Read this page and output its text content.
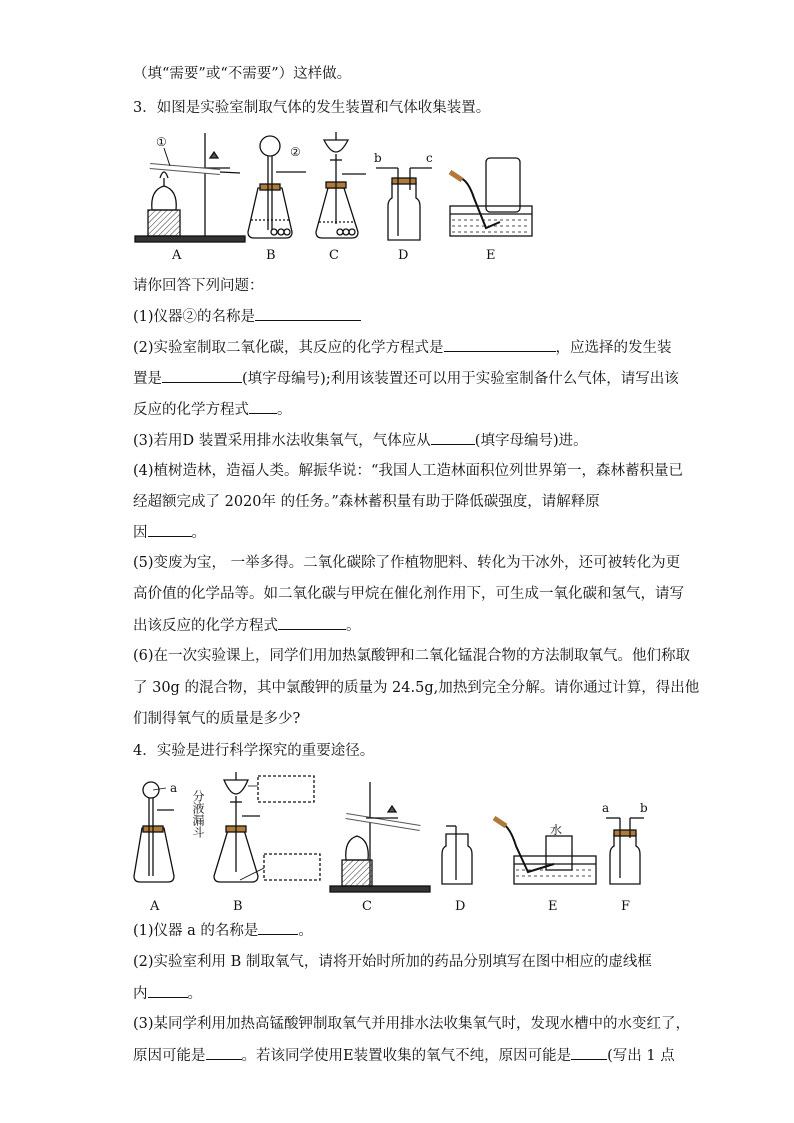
（填“需要”或“不需要”）这样做。
3．如图是实验室制取气体的发生装置和气体收集装置。
①
②	b	c
A	B	C	D	E
请你回答下列问题：
(1)仪器②的名称是
(2)实验室制取二氧化碳，其反应的化学方程式是	，应选择的发生装
置是	(填字母编号);利用该装置还可以用于实验室制备什么气体，请写出该
反应的化学方程式 。
(3)若用D 装置采用排水法收集氧气，气体应从	(填字母编号)进。
(4)植树造林，造福人类。解振华说：“我国人工造林面积位列世界第一，森林蓄积量已
经超额完成了 2020年 的任务。”森林蓄积量有助于降低碳强度，请解释原
因	。
(5)变废为宝， 一举多得。二氧化碳除了作植物肥料、转化为干冰外，还可被转化为更
高价值的化学品等。如二氧化碳与甲烷在催化剂作用下，可生成一氧化碳和氢气，请写
出该反应的化学方程式	。
(6)在一次实验课上，同学们用加热氯酸钾和二氧化锰混合物的方法制取氧气。他们称取
了 30g 的混合物，其中氯酸钾的质量为 24.5g,加热到完全分解。请你通过计算，得出他
们制得氧气的质量是多少?
4．实验是进行科学探究的重要途径。
a
分液漏斗	水
a	b
A	B	C	D	E	F
(1)仪器 a 的名称是	。
(2)实验室利用 B 制取氧气，请将开始时所加的药品分别填写在图中相应的虚线框
内	。
(3)某同学利用加热高锰酸钾制取氧气并用排水法收集氧气时，发现水槽中的水变红了，
原因可能是 。若该同学使用E装置收集的氧气不纯，原因可能是 (写出 1 点
